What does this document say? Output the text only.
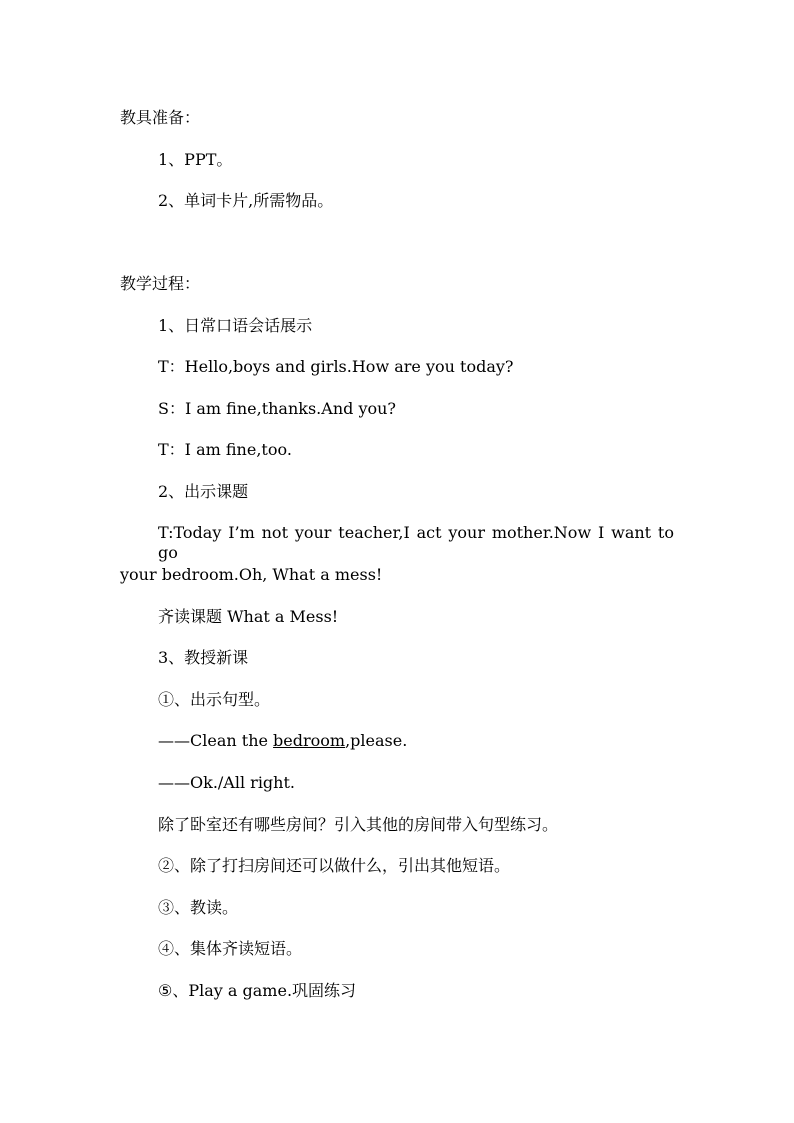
教具准备：
1、PPT。
2、单词卡片,所需物品。
教学过程：
1、日常口语会话展示
T：Hello,boys and girls.How are you today?
S：I am fine,thanks.And you?
T：I am fine,too.
2、出示课题
T:Today I’m not your teacher,I act your mother.Now I want to go
your bedroom.Oh, What a mess!
齐读课题 What a Mess!
3、教授新课
①、出示句型。
——Clean the bedroom,please.
——Ok./All right.
除了卧室还有哪些房间？引入其他的房间带入句型练习。
②、除了打扫房间还可以做什么，引出其他短语。
③、教读。
④、集体齐读短语。
⑤、Play a game.巩固练习
